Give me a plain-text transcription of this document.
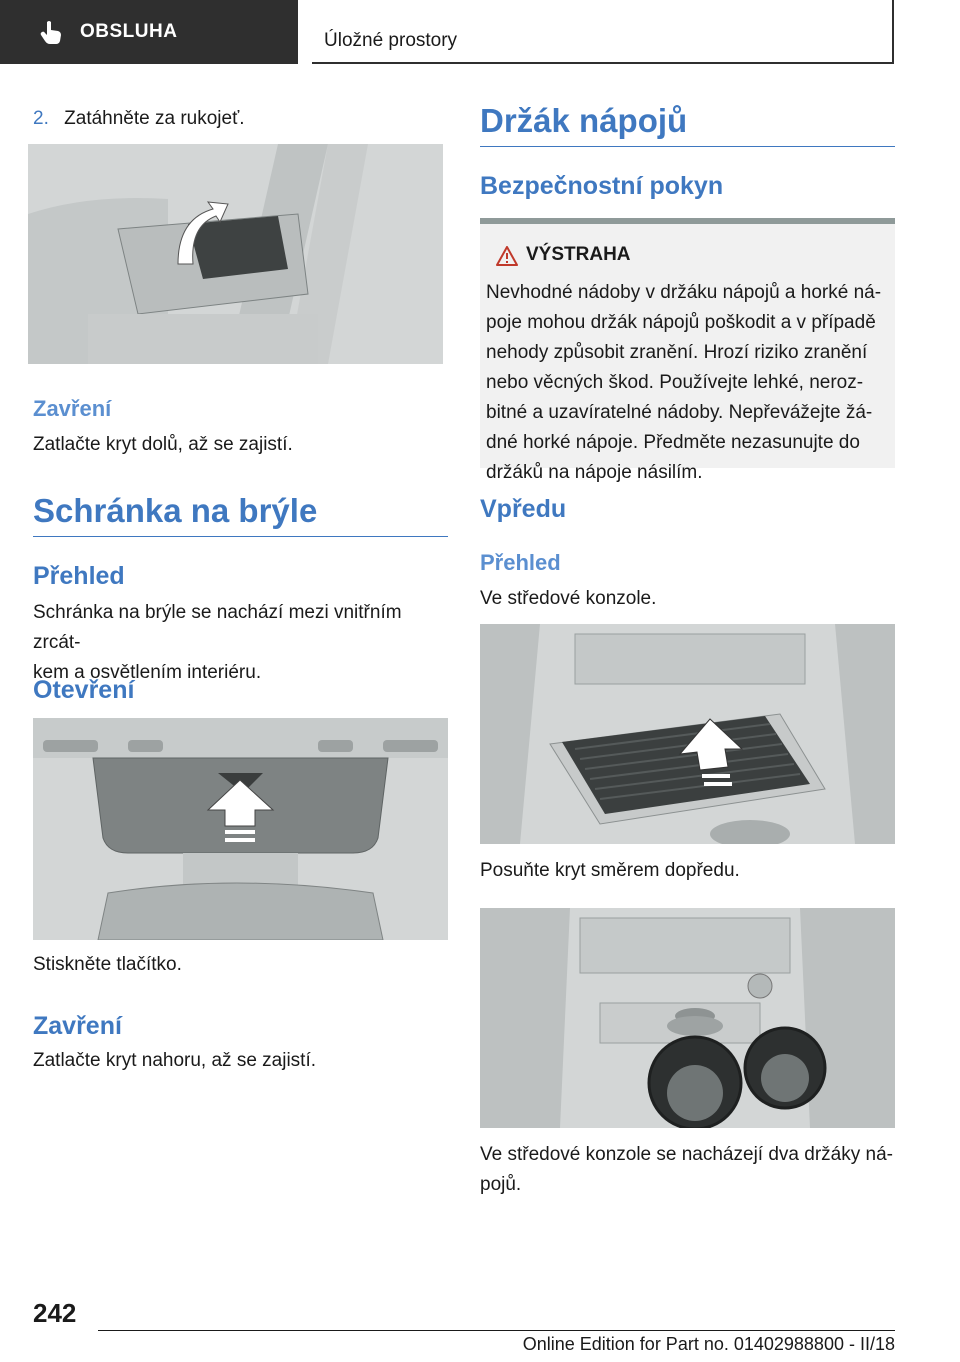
OBSLUHA	Úložné prostory
2. Zatáhněte za rukojeť.
Zavření
Zatlačte kryt dolů, až se zajistí.
Schránka na brýle
Přehled
Schránka na brýle se nachází mezi vnitřním zrcát-
kem a osvětlením interiéru.
Otevření
Stiskněte tlačítko.
Zavření
Zatlačte kryt nahoru, až se zajistí.
Držák nápojů
Bezpečnostní pokyn
VÝSTRAHA
Nevhodné nádoby v držáku nápojů a horké ná-
poje mohou držák nápojů poškodit a v případě
nehody způsobit zranění. Hrozí riziko zranění
nebo věcných škod. Používejte lehké, neroz-
bitné a uzavíratelné nádoby. Nepřevážejte žá-
dné horké nápoje. Předměte nezasunujte do
držáků na nápoje násilím.
Vpředu
Přehled
Ve středové konzole.
Posuňte kryt směrem dopředu.
Ve středové konzole se nacházejí dva držáky ná-
pojů.
242
Online Edition for Part no. 01402988800 - II/18
